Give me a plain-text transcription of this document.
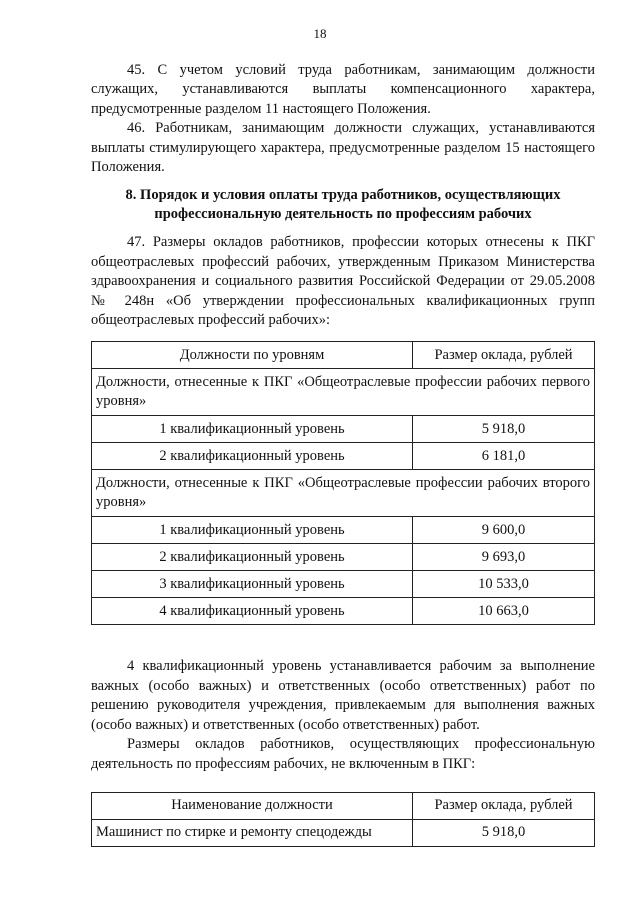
18

45. С учетом условий труда работникам, занимающим должности служащих, устанавливаются выплаты компенсационного характера, предусмотренные разделом 11 настоящего Положения.

46. Работникам, занимающим должности служащих, устанавливаются выплаты стимулирующего характера, предусмотренные разделом 15 настоящего Положения.

8. Порядок и условия оплаты труда работников, осуществляющих
профессиональную деятельность по профессиям рабочих

47. Размеры окладов работников, профессии которых отнесены к ПКГ общеотраслевых профессий рабочих, утвержденным Приказом Министерства здравоохранения и социального развития Российской Федерации от 29.05.2008 № 248н «Об утверждении профессиональных квалификационных групп общеотраслевых профессий рабочих»:

Должности по уровням	Размер оклада, рублей
Должности, отнесенные к ПКГ «Общеотраслевые профессии рабочих первого уровня»	
1 квалификационный уровень	5 918,0
2 квалификационный уровень	6 181,0
Должности, отнесенные к ПКГ «Общеотраслевые профессии рабочих второго уровня»	
1 квалификационный уровень	9 600,0
2 квалификационный уровень	9 693,0
3 квалификационный уровень	10 533,0
4 квалификационный уровень	10 663,0

4 квалификационный уровень устанавливается рабочим за выполнение важных (особо важных) и ответственных (особо ответственных) работ по решению руководителя учреждения, привлекаемым для выполнения важных (особо важных) и ответственных (особо ответственных) работ.

Размеры окладов работников, осуществляющих профессиональную деятельность по профессиям рабочих, не включенным в ПКГ:

Наименование должности	Размер оклада, рублей
Машинист по стирке и ремонту спецодежды	5 918,0
